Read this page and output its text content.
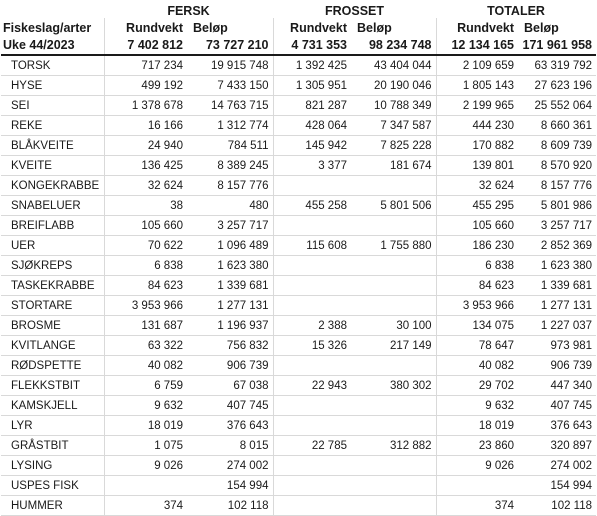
	FERSK		FROSSET		TOTALER	
Fiskeslag/arter	Rundvekt	Beløp	Rundvekt	Beløp	Rundvekt	Beløp
Uke 44/2023	7 402 812	73 727 210	4 731 353	98 234 748	12 134 165	171 961 958
TORSK	717 234	19 915 748	1 392 425	43 404 044	2 109 659	63 319 792
HYSE	499 192	7 433 150	1 305 951	20 190 046	1 805 143	27 623 196
SEI	1 378 678	14 763 715	821 287	10 788 349	2 199 965	25 552 064
REKE	16 166	1 312 774	428 064	7 347 587	444 230	8 660 361
BLÅKVEITE	24 940	784 511	145 942	7 825 228	170 882	8 609 739
KVEITE	136 425	8 389 245	3 377	181 674	139 801	8 570 920
KONGEKRABBE	32 624	8 157 776			32 624	8 157 776
SNABELUER	38	480	455 258	5 801 506	455 295	5 801 986
BREIFLABB	105 660	3 257 717			105 660	3 257 717
UER	70 622	1 096 489	115 608	1 755 880	186 230	2 852 369
SJØKREPS	6 838	1 623 380			6 838	1 623 380
TASKEKRABBE	84 623	1 339 681			84 623	1 339 681
STORTARE	3 953 966	1 277 131			3 953 966	1 277 131
BROSME	131 687	1 196 937	2 388	30 100	134 075	1 227 037
KVITLANGE	63 322	756 832	15 326	217 149	78 647	973 981
RØDSPETTE	40 082	906 739			40 082	906 739
FLEKKSTBIT	6 759	67 038	22 943	380 302	29 702	447 340
KAMSKJELL	9 632	407 745			9 632	407 745
LYR	18 019	376 643			18 019	376 643
GRÅSTBIT	1 075	8 015	22 785	312 882	23 860	320 897
LYSING	9 026	274 002			9 026	274 002
USPES FISK		154 994				154 994
HUMMER	374	102 118			374	102 118
